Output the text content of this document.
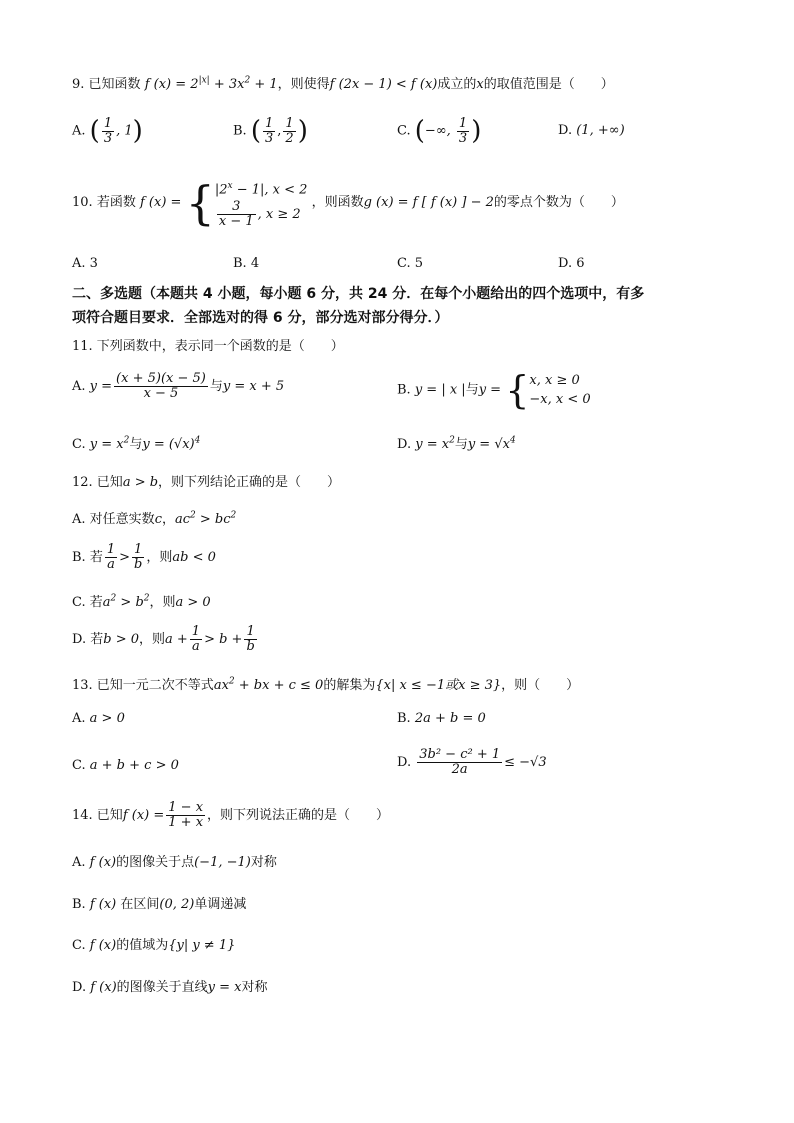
9. 已知函数 f $(x) = 2^{|x|} + 3x^2 + 1$，则使得f (2x − 1) < f (x)成立的x的取值范围是（　　）
A. ( $\frac{1}{3}$ , 1)	B. ( $\frac{1}{3}$ , $\frac{1}{2}$ )	C. (−∞, $\frac{1}{3}$ )	D. (1, +∞)
10. 若函数 f (x) = { $|2^x - 1|$, x < 2
$\frac{3}{x - 1}$ , x ≥ 2
，则函数g (x) = f [ f (x) ] − 2的零点个数为（　　）
A. 3	B. 4	C. 5	D. 6
二、多选题（本题共 4 小题，每小题 6 分，共 24 分．在每个小题给出的四个选项中，有多
项符合题目要求．全部选对的得 6 分，部分选对部分得分．）
11. 下列函数中，表示同一个函数的是（　　）
A. $y = \frac{(x + 5)(x - 5)}{x - 5}$ 与y = x + 5	B. y = | x |与y = { x, x ≥ 0
−x, x < 0
C. $y = x^2$与$y = (√x)^4$	D. $y = x^2$与$y = √x^4$
12. 已知a > b，则下列结论正确的是（　　）
A. 对任意实数c，$ac^2 > bc^2$
B. 若 $\frac{1}{a} > \frac{1}{b}$ ，则ab < 0
C. 若$a^2 > b^2$，则a > 0
D. 若b > 0，则$a + \frac{1}{a} > b + \frac{1}{b}$
13. 已知一元二次不等式$ax^2$ + bx + c ≤ 0的解集为{x| x ≤ −1或x ≥ 3}，则（　　）
A. a > 0	B. 2a + b = 0
C. a + b + c > 0	D. $\frac{\text{3b² − c² + 1}}{2a} \le -√3$
14. 已知f $(x) = \frac{1 - x}{1 + x}$ ，则下列说法正确的是（　　）
A. f (x)的图像关于点(−1, −1)对称
B. f (x) 在区间(0, 2)单调递减
C. f (x)的值域为{y| y ≠ 1}
D. f (x)的图像关于直线y = x对称
